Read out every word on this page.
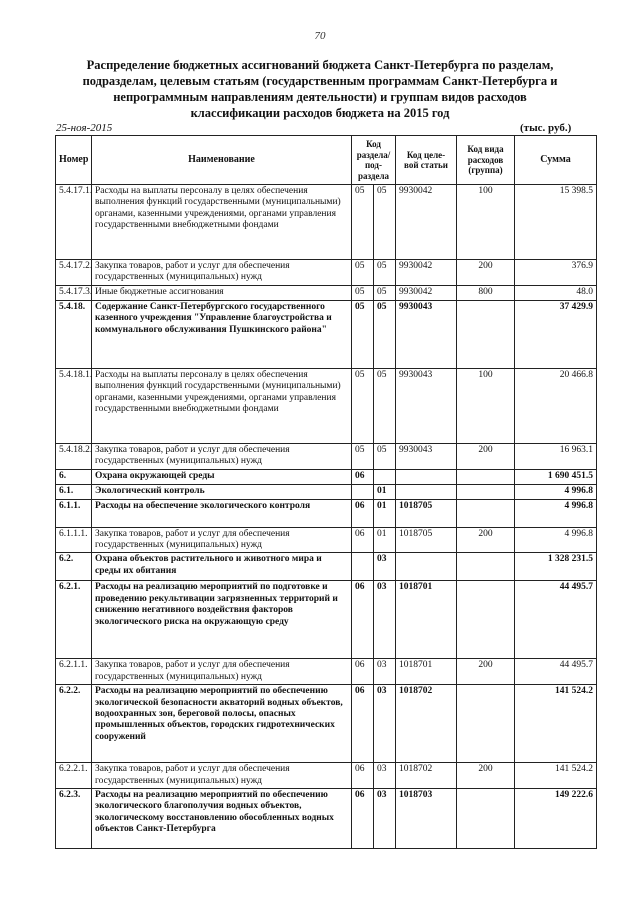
70
Распределение бюджетных ассигнований бюджета Санкт-Петербурга по разделам, подразделам, целевым статьям (государственным программам Санкт-Петербурга и непрограммным направлениям деятельности) и группам видов расходов классификации расходов бюджета на 2015 год
25-ноя-2015	(тыс. руб.)
Номер	Наименование	Код раздела/ под- раздела		Код целе- вой статьи	Код вида расходов (группа)	Сумма
5.4.17.1.	Расходы на выплаты персоналу в целях обеспечения выполнения функций государственными (муниципальными) органами, казенными учреждениями, органами управления государственными внебюджетными фондами	05	05	9930042	100	15 398.5
5.4.17.2.	Закупка товаров, работ и услуг для обеспечения государственных (муниципальных) нужд	05	05	9930042	200	376.9
5.4.17.3.	Иные бюджетные ассигнования	05	05	9930042	800	48.0
5.4.18.	Содержание Санкт-Петербургского государственного казенного учреждения "Управление благоустройства и коммунального обслуживания Пушкинского района"	05	05	9930043		37 429.9
5.4.18.1.	Расходы на выплаты персоналу в целях обеспечения выполнения функций государственными (муниципальными) органами, казенными учреждениями, органами управления государственными внебюджетными фондами	05	05	9930043	100	20 466.8
5.4.18.2.	Закупка товаров, работ и услуг для обеспечения государственных (муниципальных) нужд	05	05	9930043	200	16 963.1
6.	Охрана окружающей среды	06				1 690 451.5
6.1.	Экологический контроль		01			4 996.8
6.1.1.	Расходы на обеспечение экологического контроля	06	01	1018705		4 996.8
6.1.1.1.	Закупка товаров, работ и услуг для обеспечения государственных (муниципальных) нужд	06	01	1018705	200	4 996.8
6.2.	Охрана объектов растительного и животного мира и среды их обитания		03			1 328 231.5
6.2.1.	Расходы на реализацию мероприятий по подготовке и проведению рекультивации загрязненных территорий и снижению негативного воздействия факторов экологического риска на окружающую среду	06	03	1018701		44 495.7
6.2.1.1.	Закупка товаров, работ и услуг для обеспечения государственных (муниципальных) нужд	06	03	1018701	200	44 495.7
6.2.2.	Расходы на реализацию мероприятий по обеспечению экологической безопасности акваторий водных объектов, водоохранных зон, береговой полосы, опасных промышленных объектов, городских гидротехнических сооружений	06	03	1018702		141 524.2
6.2.2.1.	Закупка товаров, работ и услуг для обеспечения государственных (муниципальных) нужд	06	03	1018702	200	141 524.2
6.2.3.	Расходы на реализацию мероприятий по обеспечению экологического благополучия водных объектов, экологическому восстановлению обособленных водных объектов Санкт-Петербурга	06	03	1018703		149 222.6
